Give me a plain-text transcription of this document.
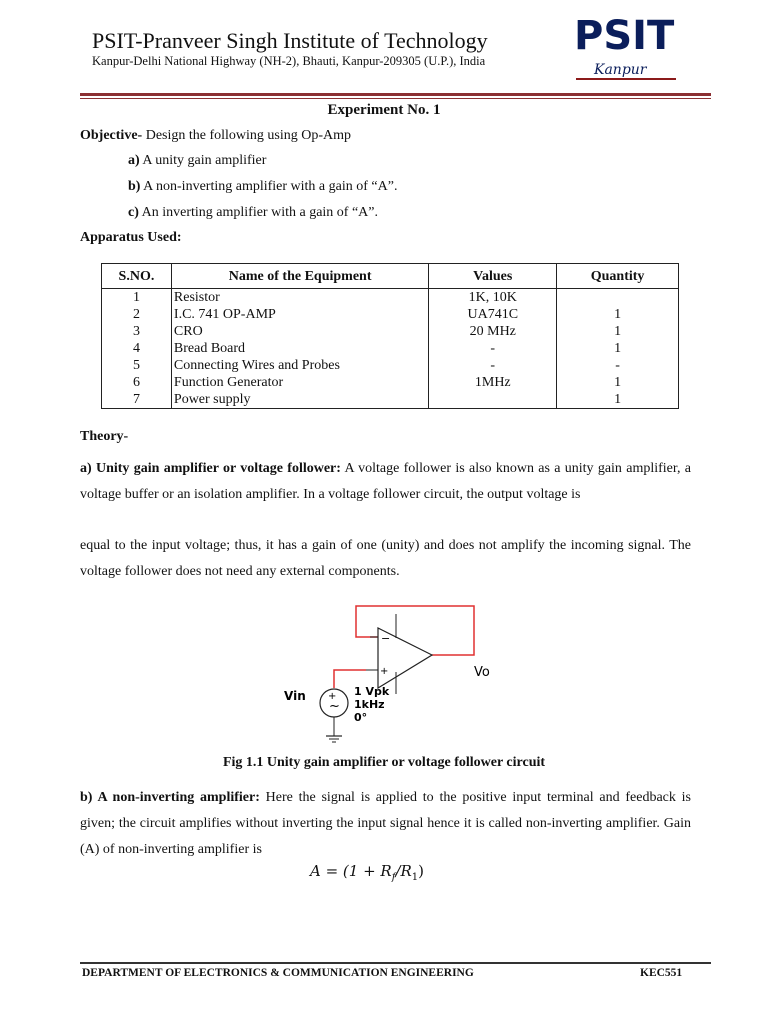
PSIT-Pranveer Singh Institute of Technology
Kanpur-Delhi National Highway (NH-2), Bhauti, Kanpur-209305 (U.P.), India
PSIT
Kanpur
Experiment No. 1
Objective- Design the following using Op-Amp
a) A unity gain amplifier
b) A non-inverting amplifier with a gain of “A”.
c) An inverting amplifier with a gain of “A”.
Apparatus Used:
S.NO.	Name of the Equipment	Values	Quantity
1	Resistor	1K, 10K	
2	I.C. 741 OP-AMP	UA741C	1
3	CRO	20 MHz	1
4	Bread Board	-	1
5	Connecting Wires and Probes	-	-
6	Function Generator	1MHz	1
7	Power supply		1
Theory-
a) Unity gain amplifier or voltage follower: A voltage follower is also known as a unity gain amplifier, a voltage buffer or an isolation amplifier. In a voltage follower circuit, the output voltage is
equal to the input voltage; thus, it has a gain of one (unity) and does not amplify the incoming signal. The voltage follower does not need any external components.
−
+
+
~
Vin
Vo
1 Vpk
1kHz
0°
Fig 1.1 Unity gain amplifier or voltage follower circuit
b) A non-inverting amplifier: Here the signal is applied to the positive input terminal and feedback is given; the circuit amplifies without inverting the input signal hence it is called non-inverting amplifier. Gain (A) of non-inverting amplifier is
$A = (1 + R_f/R_1)$
DEPARTMENT OF ELECTRONICS & COMMUNICATION ENGINEERING	KEC551
